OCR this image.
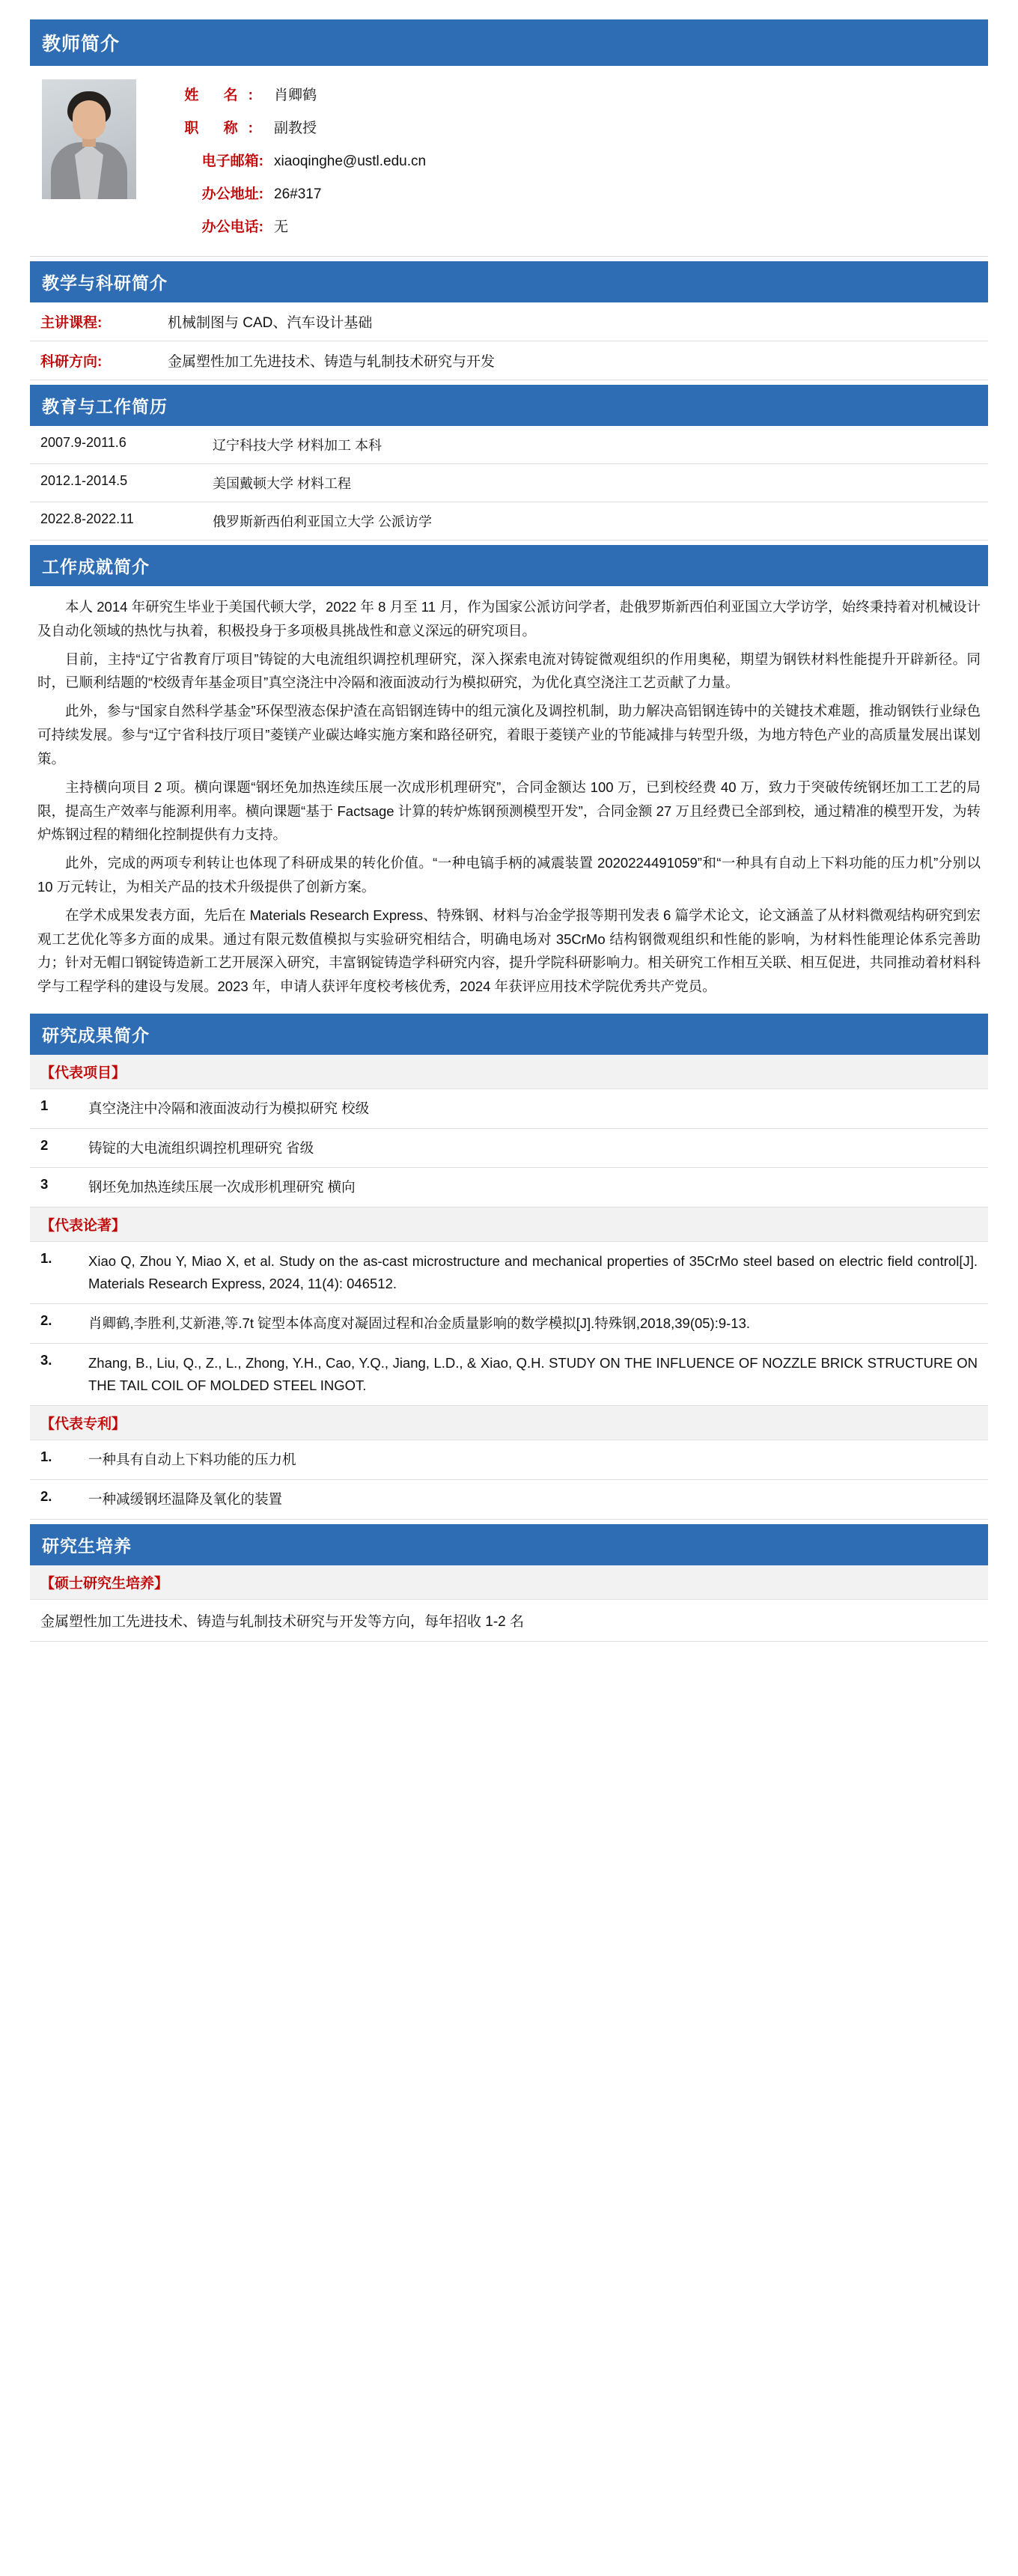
教师简介
姓 名: 肖卿鹤
职 称: 副教授
电子邮箱: xiaoqinghe@ustl.edu.cn
办公地址: 26#317
办公电话: 无
教学与科研简介
主讲课程:	机械制图与 CAD、汽车设计基础
科研方向:	金属塑性加工先进技术、铸造与轧制技术研究与开发
教育与工作简历
2007.9-2011.6	辽宁科技大学 材料加工 本科
2012.1-2014.5	美国戴顿大学 材料工程
2022.8-2022.11	俄罗斯新西伯利亚国立大学 公派访学
工作成就简介

本人 2014 年研究生毕业于美国代顿大学，2022 年 8 月至 11 月，作为国家公派访问学者，赴俄罗斯新西伯利亚国立大学访学，始终秉持着对机械设计及自动化领域的热忱与执着，积极投身于多项极具挑战性和意义深远的研究项目。

目前，主持“辽宁省教育厅项目”铸锭的大电流组织调控机理研究，深入探索电流对铸锭微观组织的作用奥秘，期望为钢铁材料性能提升开辟新径。同时，已顺利结题的“校级青年基金项目”真空浇注中冷隔和液面波动行为模拟研究，为优化真空浇注工艺贡献了力量。

此外，参与“国家自然科学基金”环保型液态保护渣在高铝钢连铸中的组元演化及调控机制，助力解决高铝钢连铸中的关键技术难题，推动钢铁行业绿色可持续发展。参与“辽宁省科技厅项目”菱镁产业碳达峰实施方案和路径研究，着眼于菱镁产业的节能减排与转型升级，为地方特色产业的高质量发展出谋划策。

主持横向项目 2 项。横向课题“钢坯免加热连续压展一次成形机理研究”，合同金额达 100 万，已到校经费 40 万，致力于突破传统钢坯加工工艺的局限，提高生产效率与能源利用率。横向课题“基于 Factsage 计算的转炉炼钢预测模型开发”，合同金额 27 万且经费已全部到校，通过精准的模型开发，为转炉炼钢过程的精细化控制提供有力支持。

此外，完成的两项专利转让也体现了科研成果的转化价值。“一种电镐手柄的减震装置 2020224491059”和“一种具有自动上下料功能的压力机”分别以 10 万元转让，为相关产品的技术升级提供了创新方案。

在学术成果发表方面，先后在 Materials Research Express、特殊钢、材料与冶金学报等期刊发表 6 篇学术论文，论文涵盖了从材料微观结构研究到宏观工艺优化等多方面的成果。通过有限元数值模拟与实验研究相结合，明确电场对 35CrMo 结构钢微观组织和性能的影响，为材料性能理论体系完善助力；针对无帽口钢锭铸造新工艺开展深入研究，丰富钢锭铸造学科研究内容，提升学院科研影响力。相关研究工作相互关联、相互促进，共同推动着材料科学与工程学科的建设与发展。2023 年，申请人获评年度校考核优秀，2024 年获评应用技术学院优秀共产党员。

研究成果简介
【代表项目】
1	真空浇注中冷隔和液面波动行为模拟研究 校级
2	铸锭的大电流组织调控机理研究 省级
3	钢坯免加热连续压展一次成形机理研究 横向
【代表论著】
1.	Xiao Q, Zhou Y, Miao X, et al. Study on the as-cast microstructure and mechanical properties of 35CrMo steel based on electric field control[J]. Materials Research Express, 2024, 11(4): 046512.
2.	肖卿鹤,李胜利,艾新港,等.7t 锭型本体高度对凝固过程和冶金质量影响的数学模拟[J].特殊钢,2018,39(05):9-13.
3.	Zhang, B., Liu, Q., Z., L., Zhong, Y.H., Cao, Y.Q., Jiang, L.D., & Xiao, Q.H. STUDY ON THE INFLUENCE OF NOZZLE BRICK STRUCTURE ON THE TAIL COIL OF MOLDED STEEL INGOT.
【代表专利】
1.	一种具有自动上下料功能的压力机
2.	一种减缓钢坯温降及氧化的装置
研究生培养
【硕士研究生培养】
金属塑性加工先进技术、铸造与轧制技术研究与开发等方向，每年招收 1-2 名
